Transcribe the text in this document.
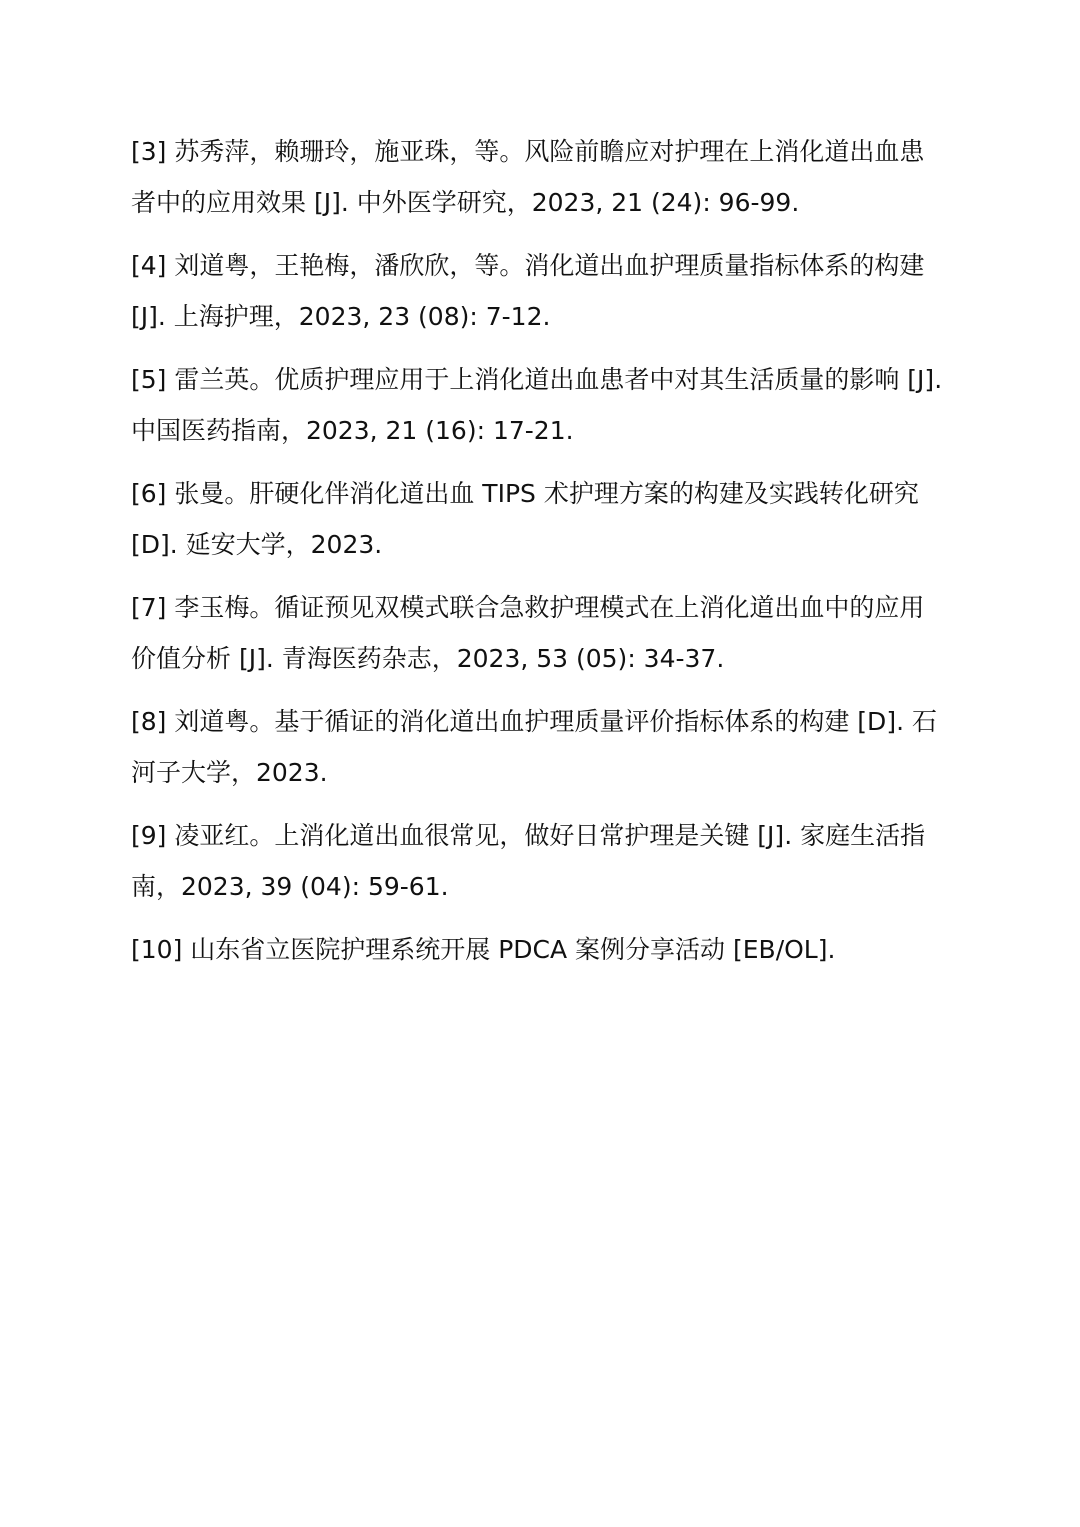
[3] 苏秀萍，赖珊玲，施亚珠，等。风险前瞻应对护理在上消化道出血患者中的应用效果 [J]. 中外医学研究，2023, 21 (24): 96-99.
[4] 刘道粤，王艳梅，潘欣欣，等。消化道出血护理质量指标体系的构建 [J]. 上海护理，2023, 23 (08): 7-12.
[5] 雷兰英。优质护理应用于上消化道出血患者中对其生活质量的影响 [J]. 中国医药指南，2023, 21 (16): 17-21.
[6] 张曼。肝硬化伴消化道出血 TIPS 术护理方案的构建及实践转化研究 [D]. 延安大学，2023.
[7] 李玉梅。循证预见双模式联合急救护理模式在上消化道出血中的应用价值分析 [J]. 青海医药杂志，2023, 53 (05): 34-37.
[8] 刘道粤。基于循证的消化道出血护理质量评价指标体系的构建 [D]. 石河子大学，2023.
[9] 凌亚红。上消化道出血很常见，做好日常护理是关键 [J]. 家庭生活指南，2023, 39 (04): 59-61.
[10] 山东省立医院护理系统开展 PDCA 案例分享活动 [EB/OL].
